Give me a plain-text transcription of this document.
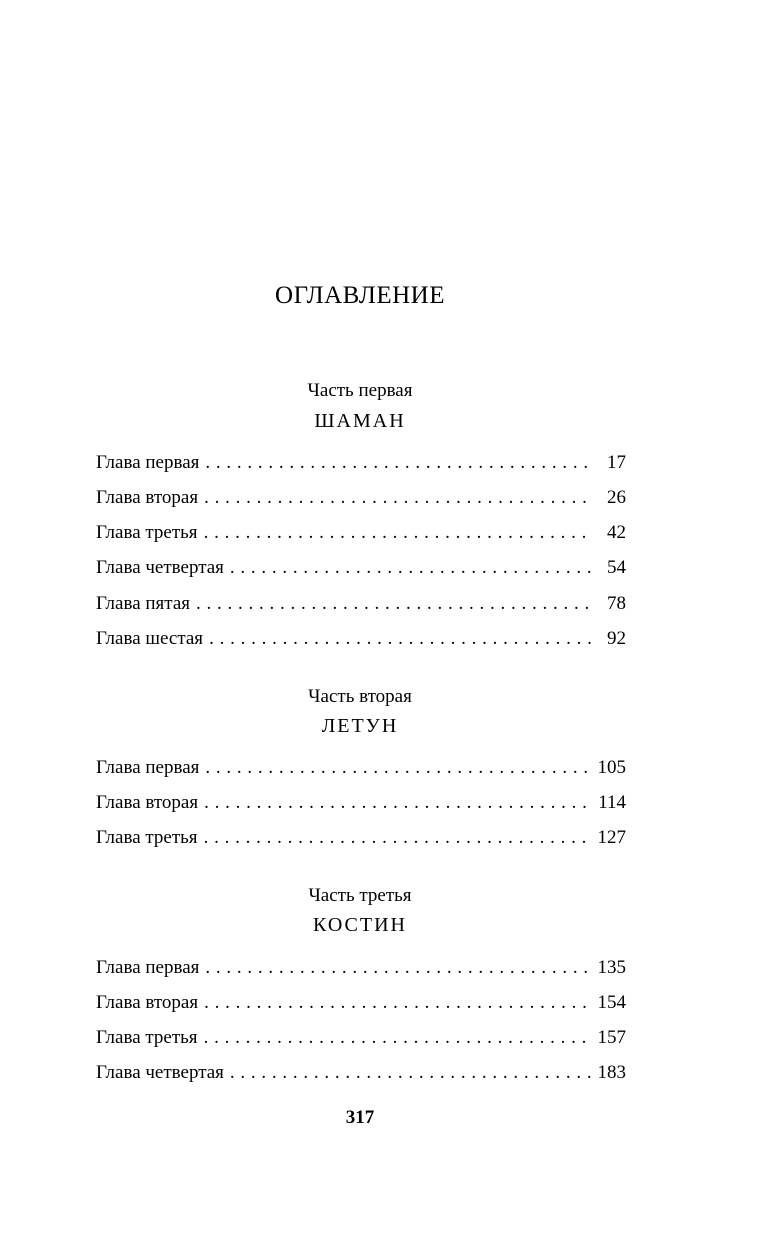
ОГЛАВЛЕНИЕ
Часть первая
ШАМАН
Глава первая . . .	17
Глава вторая . . .	26
Глава третья . . .	42
Глава четвертая . . .	54
Глава пятая . . .	78
Глава шестая . . .	92
Часть вторая
ЛЕТУН
Глава первая . . .	105
Глава вторая . . .	114
Глава третья . . .	127
Часть третья
КОСТИН
Глава первая . . .	135
Глава вторая . . .	154
Глава третья . . .	157
Глава четвертая . . .	183
317
